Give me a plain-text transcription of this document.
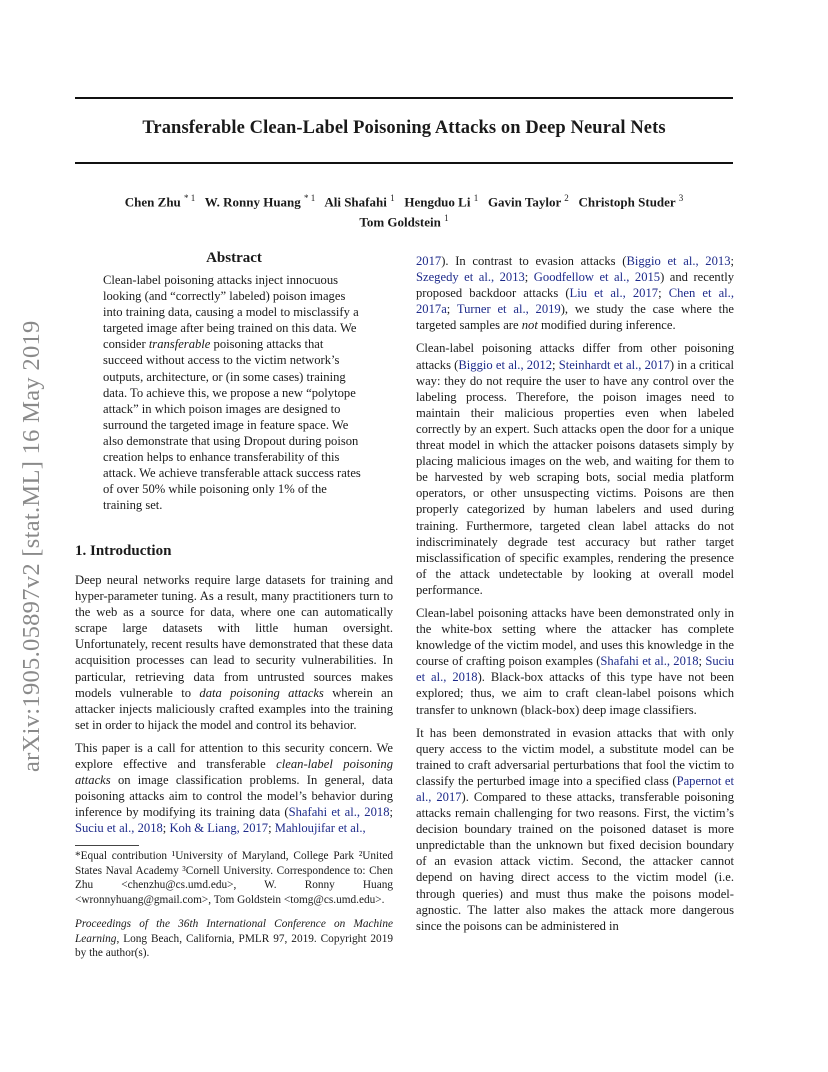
arXiv:1905.05897v2 [stat.ML] 16 May 2019
Transferable Clean-Label Poisoning Attacks on Deep Neural Nets
Chen Zhu $^{* 1}$ W. Ronny Huang $^{* 1}$ Ali Shafahi $^1$ Hengduo Li $^1$ Gavin Taylor $^2$ Christoph Studer $^3$
Tom Goldstein $^1$
Abstract

Clean-label poisoning attacks inject innocuous looking (and “correctly” labeled) poison images into training data, causing a model to misclassify a targeted image after being trained on this data. We consider transferable poisoning attacks that succeed without access to the victim network’s outputs, architecture, or (in some cases) training data. To achieve this, we propose a new “polytope attack” in which poison images are designed to surround the targeted image in feature space. We also demonstrate that using Dropout during poison creation helps to enhance transferability of this attack. We achieve transferable attack success rates of over 50% while poisoning only 1% of the training set.

1. Introduction

Deep neural networks require large datasets for training and hyper-parameter tuning. As a result, many practitioners turn to the web as a source for data, where one can automatically scrape large datasets with little human oversight. Unfortunately, recent results have demonstrated that these data acquisition processes can lead to security vulnerabilities. In particular, retrieving data from untrusted sources makes models vulnerable to data poisoning attacks wherein an attacker injects maliciously crafted examples into the training set in order to hijack the model and control its behavior.

This paper is a call for attention to this security concern. We explore effective and transferable clean-label poisoning attacks on image classification problems. In general, data poisoning attacks aim to control the model’s behavior during inference by modifying its training data (Shafahi et al., 2018; Suciu et al., 2018; Koh & Liang, 2017; Mahloujifar et al.,

*Equal contribution ¹University of Maryland, College Park ²United States Naval Academy ³Cornell University. Correspondence to: Chen Zhu <chenzhu@cs.umd.edu>, W. Ronny Huang <wronnyhuang@gmail.com>, Tom Goldstein <tomg@cs.umd.edu>.

Proceedings of the 36th International Conference on Machine Learning, Long Beach, California, PMLR 97, 2019. Copyright 2019 by the author(s).

2017). In contrast to evasion attacks (Biggio et al., 2013; Szegedy et al., 2013; Goodfellow et al., 2015) and recently proposed backdoor attacks (Liu et al., 2017; Chen et al., 2017a; Turner et al., 2019), we study the case where the targeted samples are not modified during inference.

Clean-label poisoning attacks differ from other poisoning attacks (Biggio et al., 2012; Steinhardt et al., 2017) in a critical way: they do not require the user to have any control over the labeling process. Therefore, the poison images need to maintain their malicious properties even when labeled correctly by an expert. Such attacks open the door for a unique threat model in which the attacker poisons datasets simply by placing malicious images on the web, and waiting for them to be harvested by web scraping bots, social media platform operators, or other unsuspecting victims. Poisons are then properly categorized by human labelers and used during training. Furthermore, targeted clean label attacks do not indiscriminately degrade test accuracy but rather target misclassification of specific examples, rendering the presence of the attack undetectable by looking at overall model performance.

Clean-label poisoning attacks have been demonstrated only in the white-box setting where the attacker has complete knowledge of the victim model, and uses this knowledge in the course of crafting poison examples (Shafahi et al., 2018; Suciu et al., 2018). Black-box attacks of this type have not been explored; thus, we aim to craft clean-label poisons which transfer to unknown (black-box) deep image classifiers.

It has been demonstrated in evasion attacks that with only query access to the victim model, a substitute model can be trained to craft adversarial perturbations that fool the victim to classify the perturbed image into a specified class (Papernot et al., 2017). Compared to these attacks, transferable poisoning attacks remain challenging for two reasons. First, the victim’s decision boundary trained on the poisoned dataset is more unpredictable than the unknown but fixed decision boundary of an evasion attack victim. Second, the attacker cannot depend on having direct access to the victim model (i.e. through queries) and must thus make the poisons model-agnostic. The latter also makes the attack more dangerous since the poisons can be administered in
